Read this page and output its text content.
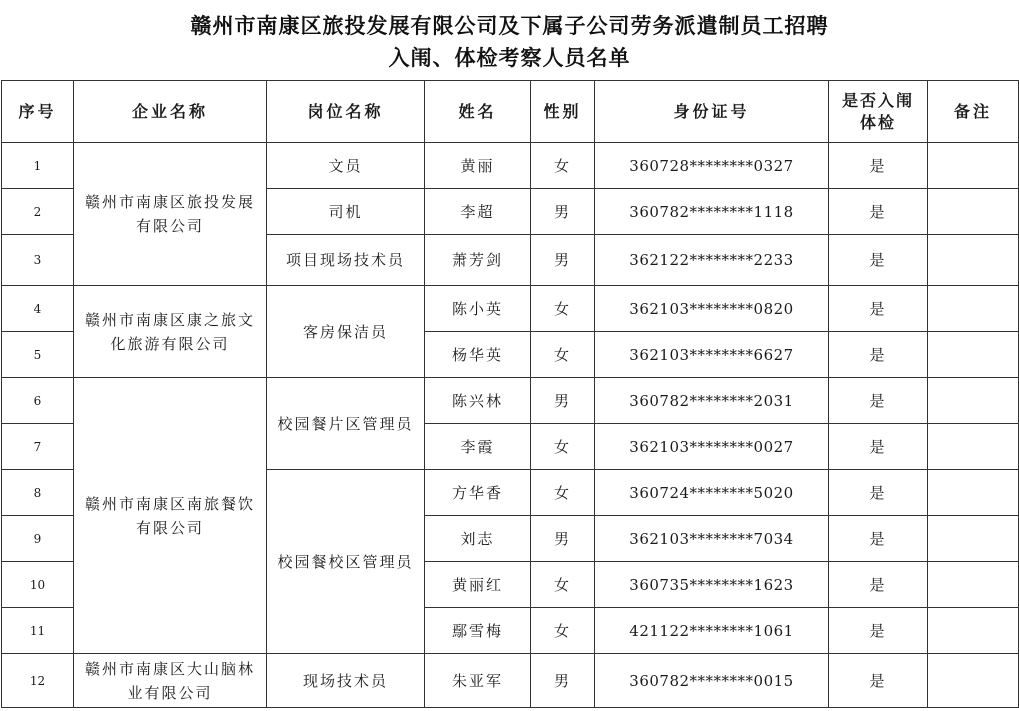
赣州市南康区旅投发展有限公司及下属子公司劳务派遣制员工招聘
入闱、体检考察人员名单
序号	企业名称	岗位名称	姓名	性别	身份证号	是否入闱体检	备注
1	赣州市南康区旅投发展有限公司	文员	黄丽	女	360728********0327	是	
2		司机	李超	男	360782********1118	是	
3		项目现场技术员	萧芳剑	男	362122********2233	是	
4	赣州市南康区康之旅文化旅游有限公司	客房保洁员	陈小英	女	362103********0820	是	
5			杨华英	女	362103********6627	是	
6	赣州市南康区南旅餐饮有限公司	校园餐片区管理员	陈兴林	男	360782********2031	是	
7			李霞	女	362103********0027	是	
8		校园餐校区管理员	方华香	女	360724********5020	是	
9			刘志	男	362103********7034	是	
10			黄丽红	女	360735********1623	是	
11			鄢雪梅	女	421122********1061	是	
12	赣州市南康区大山脑林业有限公司	现场技术员	朱亚军	男	360782********0015	是	
